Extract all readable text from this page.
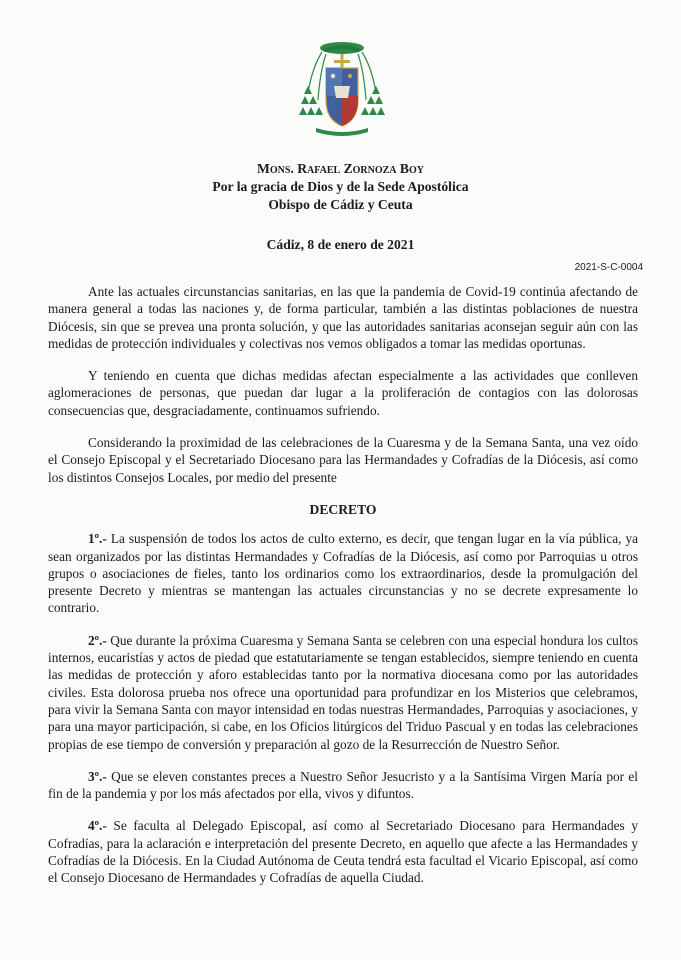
Mons. Rafael Zornoza Boy
Por la gracia de Dios y de la Sede Apostólica
Obispo de Cádiz y Ceuta
Cádiz, 8 de enero de 2021
2021-S-C-0004

Ante las actuales circunstancias sanitarias, en las que la pandemia de Covid-19 continúa afectando de manera general a todas las naciones y, de forma particular, también a las distintas poblaciones de nuestra Diócesis, sin que se prevea una pronta solución, y que las autoridades sanitarias aconsejan seguir aún con las medidas de protección individuales y colectivas nos vemos obligados a tomar las medidas oportunas.

Y teniendo en cuenta que dichas medidas afectan especialmente a las actividades que conlleven aglomeraciones de personas, que puedan dar lugar a la proliferación de contagios con las dolorosas consecuencias que, desgraciadamente, continuamos sufriendo.

Considerando la proximidad de las celebraciones de la Cuaresma y de la Semana Santa, una vez oído el Consejo Episcopal y el Secretariado Diocesano para las Hermandades y Cofradías de la Diócesis, así como los distintos Consejos Locales, por medio del presente

DECRETO

1º.- La suspensión de todos los actos de culto externo, es decir, que tengan lugar en la vía pública, ya sean organizados por las distintas Hermandades y Cofradías de la Diócesis, así como por Parroquias u otros grupos o asociaciones de fieles, tanto los ordinarios como los extraordinarios, desde la promulgación del presente Decreto y mientras se mantengan las actuales circunstancias y no se decrete expresamente lo contrario.

2º.- Que durante la próxima Cuaresma y Semana Santa se celebren con una especial hondura los cultos internos, eucaristías y actos de piedad que estatutariamente se tengan establecidos, siempre teniendo en cuenta las medidas de protección y aforo establecidas tanto por la normativa diocesana como por las autoridades civiles. Esta dolorosa prueba nos ofrece una oportunidad para profundizar en los Misterios que celebramos, para vivir la Semana Santa con mayor intensidad en todas nuestras Hermandades, Parroquias y asociaciones, y para una mayor participación, si cabe, en los Oficios litúrgicos del Triduo Pascual y en todas las celebraciones propias de ese tiempo de conversión y preparación al gozo de la Resurrección de Nuestro Señor.

3º.- Que se eleven constantes preces a Nuestro Señor Jesucristo y a la Santísima Virgen María por el fin de la pandemia y por los más afectados por ella, vivos y difuntos.

4º.- Se faculta al Delegado Episcopal, así como al Secretariado Diocesano para Hermandades y Cofradías, para la aclaración e interpretación del presente Decreto, en aquello que afecte a las Hermandades y Cofradías de la Diócesis. En la Ciudad Autónoma de Ceuta tendrá esta facultad el Vicario Episcopal, así como el Consejo Diocesano de Hermandades y Cofradías de aquella Ciudad.
